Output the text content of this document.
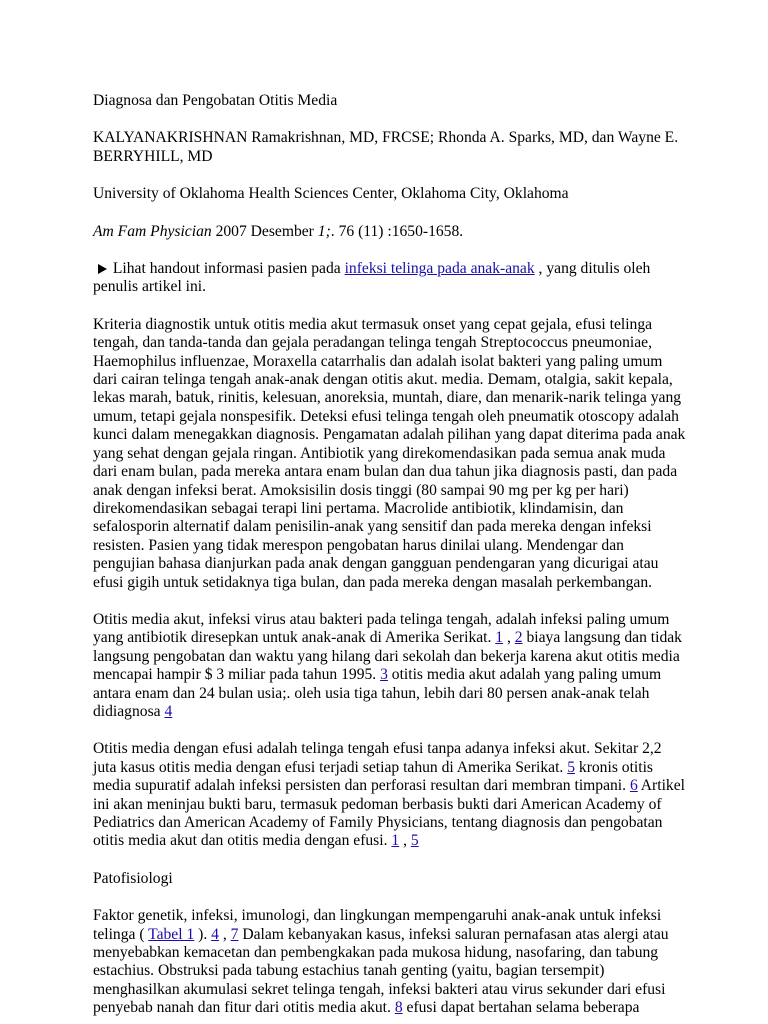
Diagnosa dan Pengobatan Otitis Media

KALYANAKRISHNAN Ramakrishnan, MD, FRCSE; Rhonda A. Sparks, MD, dan Wayne E. BERRYHILL, MD

University of Oklahoma Health Sciences Center, Oklahoma City, Oklahoma

Am Fam Physician 2007 Desember 1;. 76 (11) :1650-1658.

Lihat handout informasi pasien pada infeksi telinga pada anak-anak , yang ditulis oleh penulis artikel ini.

Kriteria diagnostik untuk otitis media akut termasuk onset yang cepat gejala, efusi telinga tengah, dan tanda-tanda dan gejala peradangan telinga tengah Streptococcus pneumoniae, Haemophilus influenzae, Moraxella catarrhalis dan adalah isolat bakteri yang paling umum dari cairan telinga tengah anak-anak dengan otitis akut. media. Demam, otalgia, sakit kepala, lekas marah, batuk, rinitis, kelesuan, anoreksia, muntah, diare, dan menarik-narik telinga yang umum, tetapi gejala nonspesifik. Deteksi efusi telinga tengah oleh pneumatik otoscopy adalah kunci dalam menegakkan diagnosis. Pengamatan adalah pilihan yang dapat diterima pada anak yang sehat dengan gejala ringan. Antibiotik yang direkomendasikan pada semua anak muda dari enam bulan, pada mereka antara enam bulan dan dua tahun jika diagnosis pasti, dan pada anak dengan infeksi berat. Amoksisilin dosis tinggi (80 sampai 90 mg per kg per hari) direkomendasikan sebagai terapi lini pertama. Macrolide antibiotik, klindamisin, dan sefalosporin alternatif dalam penisilin-anak yang sensitif dan pada mereka dengan infeksi resisten. Pasien yang tidak merespon pengobatan harus dinilai ulang. Mendengar dan pengujian bahasa dianjurkan pada anak dengan gangguan pendengaran yang dicurigai atau efusi gigih untuk setidaknya tiga bulan, dan pada mereka dengan masalah perkembangan.

Otitis media akut, infeksi virus atau bakteri pada telinga tengah, adalah infeksi paling umum yang antibiotik diresepkan untuk anak-anak di Amerika Serikat. 1 , 2 biaya langsung dan tidak langsung pengobatan dan waktu yang hilang dari sekolah dan bekerja karena akut otitis media mencapai hampir $ 3 miliar pada tahun 1995. 3 otitis media akut adalah yang paling umum antara enam dan 24 bulan usia;. oleh usia tiga tahun, lebih dari 80 persen anak-anak telah didiagnosa 4

Otitis media dengan efusi adalah telinga tengah efusi tanpa adanya infeksi akut. Sekitar 2,2 juta kasus otitis media dengan efusi terjadi setiap tahun di Amerika Serikat. 5 kronis otitis media supuratif adalah infeksi persisten dan perforasi resultan dari membran timpani. 6 Artikel ini akan meninjau bukti baru, termasuk pedoman berbasis bukti dari American Academy of Pediatrics dan American Academy of Family Physicians, tentang diagnosis dan pengobatan otitis media akut dan otitis media dengan efusi. 1 , 5

Patofisiologi

Faktor genetik, infeksi, imunologi, dan lingkungan mempengaruhi anak-anak untuk infeksi telinga ( Tabel 1 ). 4 , 7 Dalam kebanyakan kasus, infeksi saluran pernafasan atas alergi atau menyebabkan kemacetan dan pembengkakan pada mukosa hidung, nasofaring, dan tabung estachius. Obstruksi pada tabung estachius tanah genting (yaitu, bagian tersempit) menghasilkan akumulasi sekret telinga tengah, infeksi bakteri atau virus sekunder dari efusi penyebab nanah dan fitur dari otitis media akut. 8 efusi dapat bertahan selama beberapa
